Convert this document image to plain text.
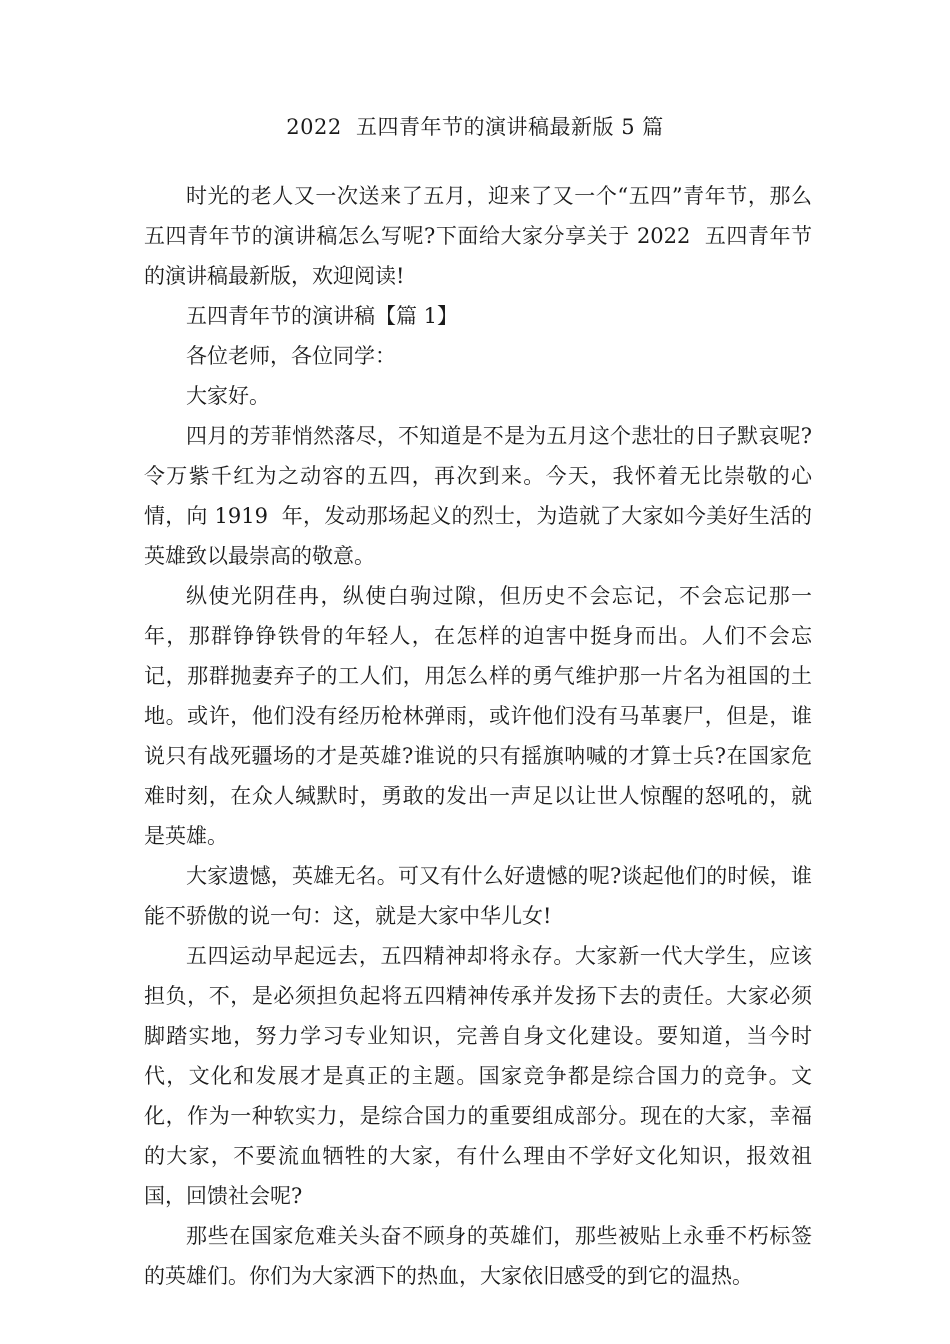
2022  五四青年节的演讲稿最新版 5 篇

时光的老人又一次送来了五月，迎来了又一个“五四”青年节，那么五四青年节的演讲稿怎么写呢?下面给大家分享关于 2022  五四青年节的演讲稿最新版，欢迎阅读!

五四青年节的演讲稿【篇 1】

各位老师，各位同学：

大家好。

四月的芳菲悄然落尽，不知道是不是为五月这个悲壮的日子默哀呢?令万紫千红为之动容的五四，再次到来。今天，我怀着无比崇敬的心情，向 1919  年，发动那场起义的烈士，为造就了大家如今美好生活的英雄致以最崇高的敬意。

纵使光阴荏冉，纵使白驹过隙，但历史不会忘记，不会忘记那一年，那群铮铮铁骨的年轻人，在怎样的迫害中挺身而出。人们不会忘记，那群抛妻弃子的工人们，用怎么样的勇气维护那一片名为祖国的土地。或许，他们没有经历枪林弹雨，或许他们没有马革裹尸，但是，谁说只有战死疆场的才是英雄?谁说的只有摇旗呐喊的才算士兵?在国家危难时刻，在众人缄默时，勇敢的发出一声足以让世人惊醒的怒吼的，就是英雄。

大家遗憾，英雄无名。可又有什么好遗憾的呢?谈起他们的时候，谁能不骄傲的说一句：这，就是大家中华儿女!

五四运动早起远去，五四精神却将永存。大家新一代大学生，应该担负，不，是必须担负起将五四精神传承并发扬下去的责任。大家必须脚踏实地，努力学习专业知识，完善自身文化建设。要知道，当今时代，文化和发展才是真正的主题。国家竞争都是综合国力的竞争。文化，作为一种软实力，是综合国力的重要组成部分。现在的大家，幸福的大家，不要流血牺牲的大家，有什么理由不学好文化知识，报效祖国，回馈社会呢?

那些在国家危难关头奋不顾身的英雄们，那些被贴上永垂不朽标签的英雄们。你们为大家洒下的热血，大家依旧感受的到它的温热。
